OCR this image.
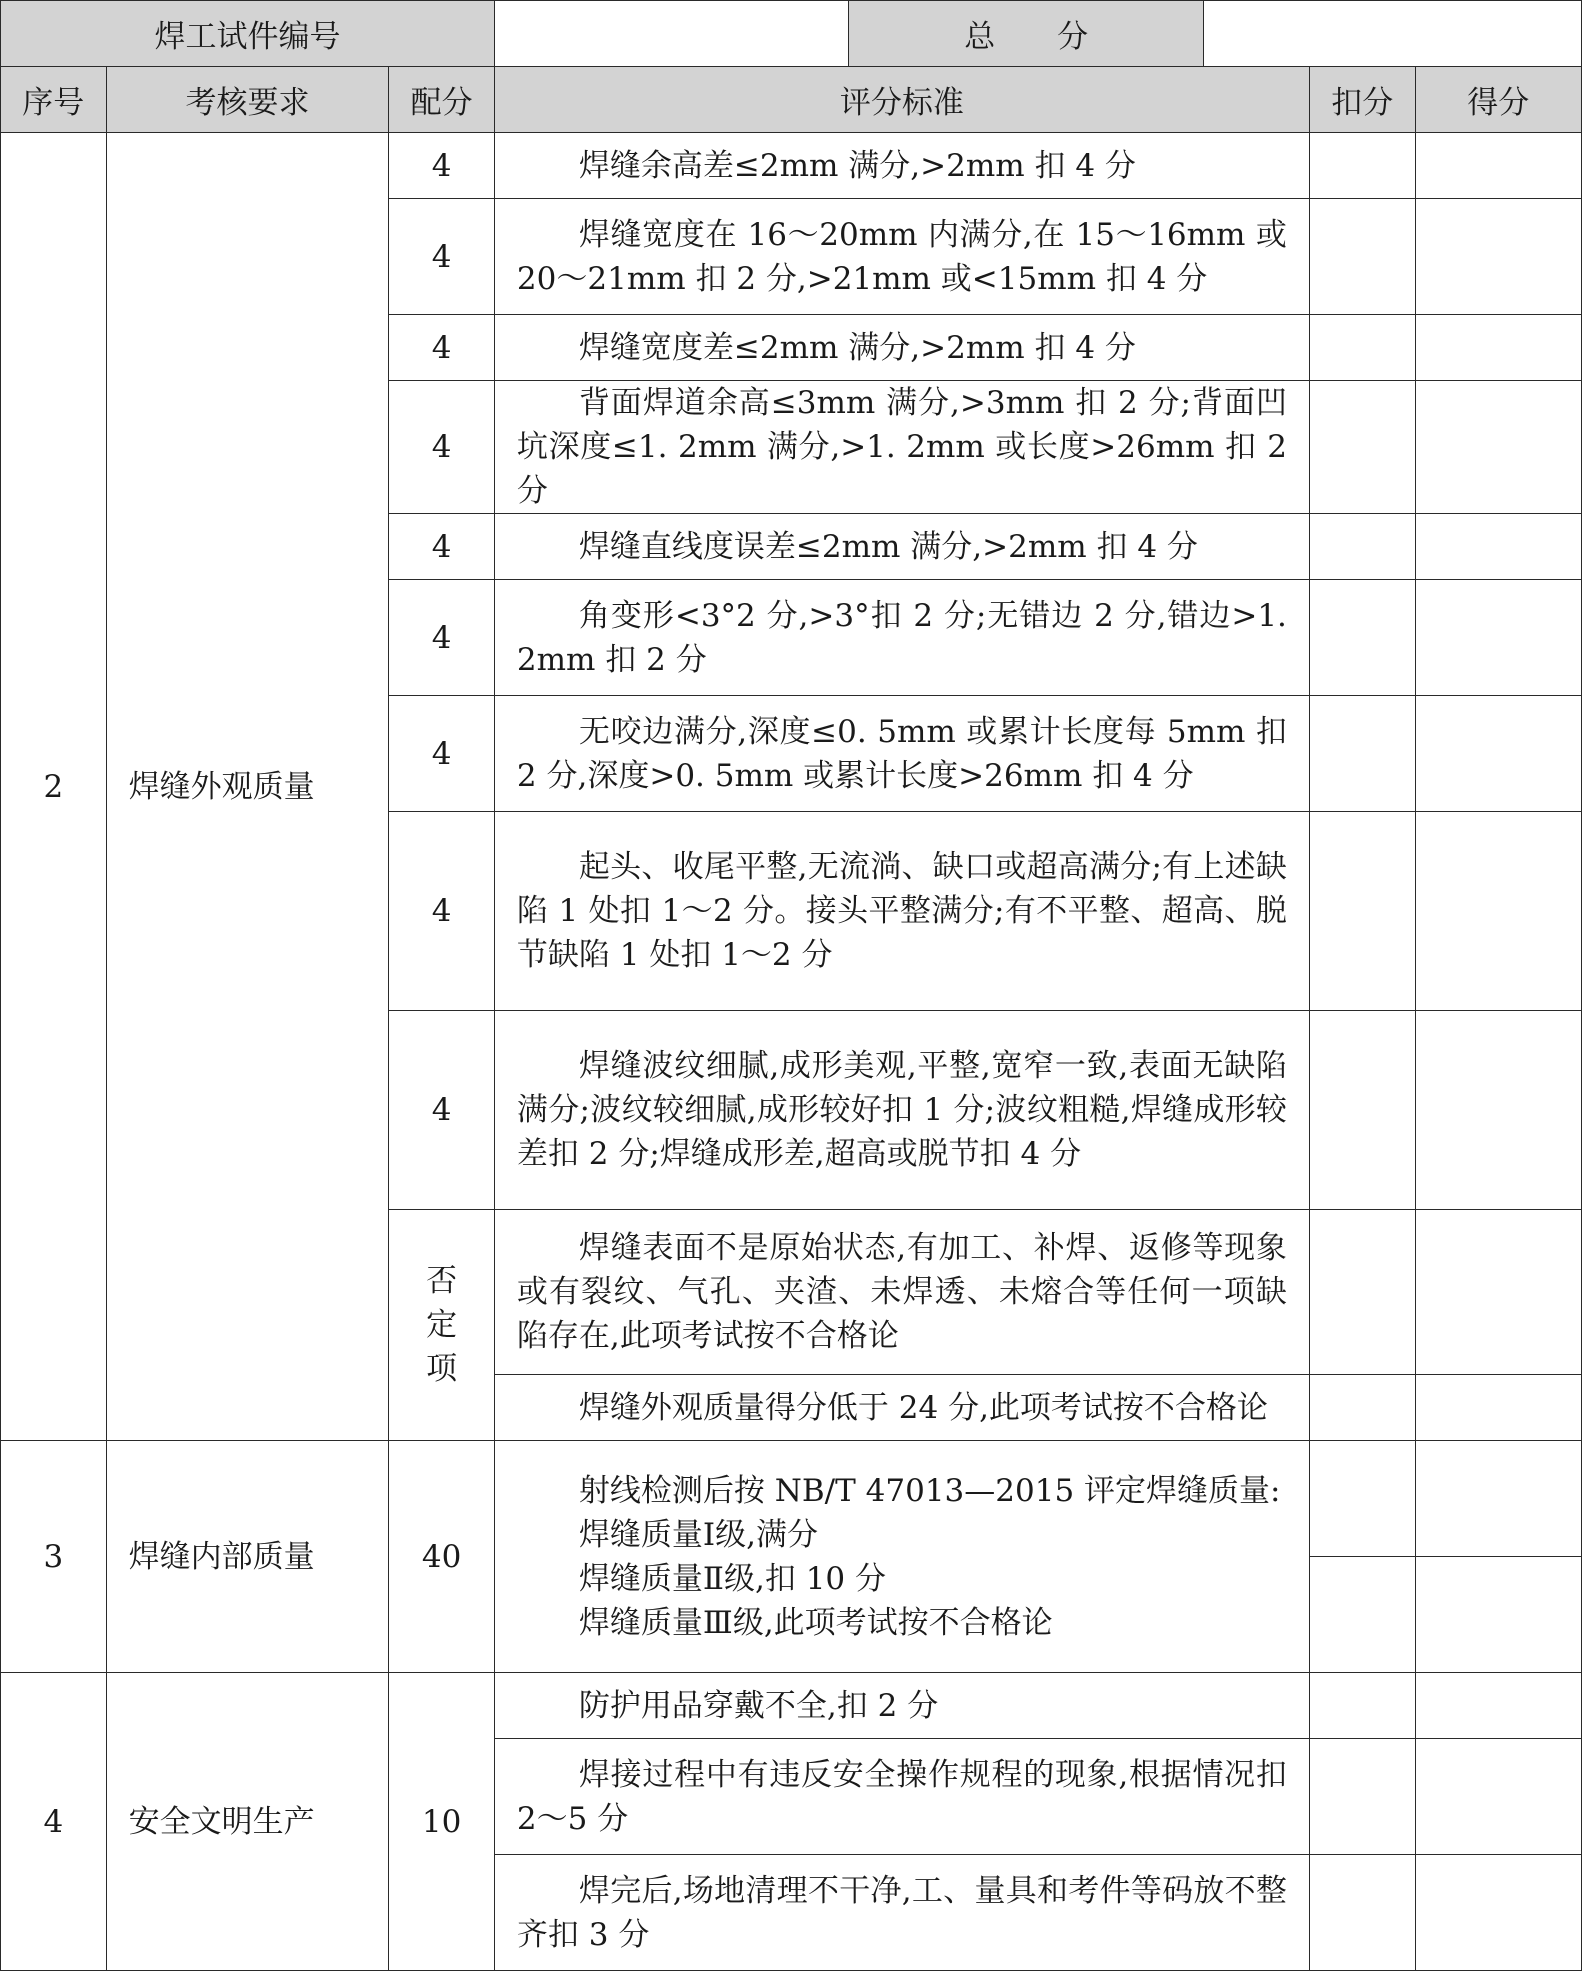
焊工试件编号				总　　分			
序号	考核要求	配分	评分标准			扣分	得分
2	焊缝外观质量	4	焊缝余高差≤2mm 满分,>2mm 扣 4 分				
		4	焊缝宽度在 16～20mm 内满分,在 15～16mm 或 20～21mm 扣 2 分,>21mm 或<15mm 扣 4 分				
		4	焊缝宽度差≤2mm 满分,>2mm 扣 4 分				
		4	背面焊道余高≤3mm 满分,>3mm 扣 2 分;背面凹坑深度≤1. 2mm 满分,>1. 2mm 或长度>26mm 扣 2 分				
		4	焊缝直线度误差≤2mm 满分,>2mm 扣 4 分				
		4	角变形<3°2 分,>3°扣 2 分;无错边 2 分,错边>1. 2mm 扣 2 分				
		4	无咬边满分,深度≤0. 5mm 或累计长度每 5mm 扣 2 分,深度>0. 5mm 或累计长度>26mm 扣 4 分				
		4	起头、收尾平整,无流淌、缺口或超高满分;有上述缺陷 1 处扣 1～2 分。接头平整满分;有不平整、超高、脱节缺陷 1 处扣 1～2 分				
		4	焊缝波纹细腻,成形美观,平整,宽窄一致,表面无缺陷满分;波纹较细腻,成形较好扣 1 分;波纹粗糙,焊缝成形较差扣 2 分;焊缝成形差,超高或脱节扣 4 分				
		否定项	焊缝表面不是原始状态,有加工、补焊、返修等现象或有裂纹、气孔、夹渣、未焊透、未熔合等任何一项缺陷存在,此项考试按不合格论				
			焊缝外观质量得分低于 24 分,此项考试按不合格论				
3	焊缝内部质量	40	射线检测后按 NB/T 47013—2015 评定焊缝质量:
焊缝质量Ⅰ级,满分
焊缝质量Ⅱ级,扣 10 分
焊缝质量Ⅲ级,此项考试按不合格论				

4	安全文明生产	10	防护用品穿戴不全,扣 2 分				
			焊接过程中有违反安全操作规程的现象,根据情况扣 2～5 分				
			焊完后,场地清理不干净,工、量具和考件等码放不整齐扣 3 分				
